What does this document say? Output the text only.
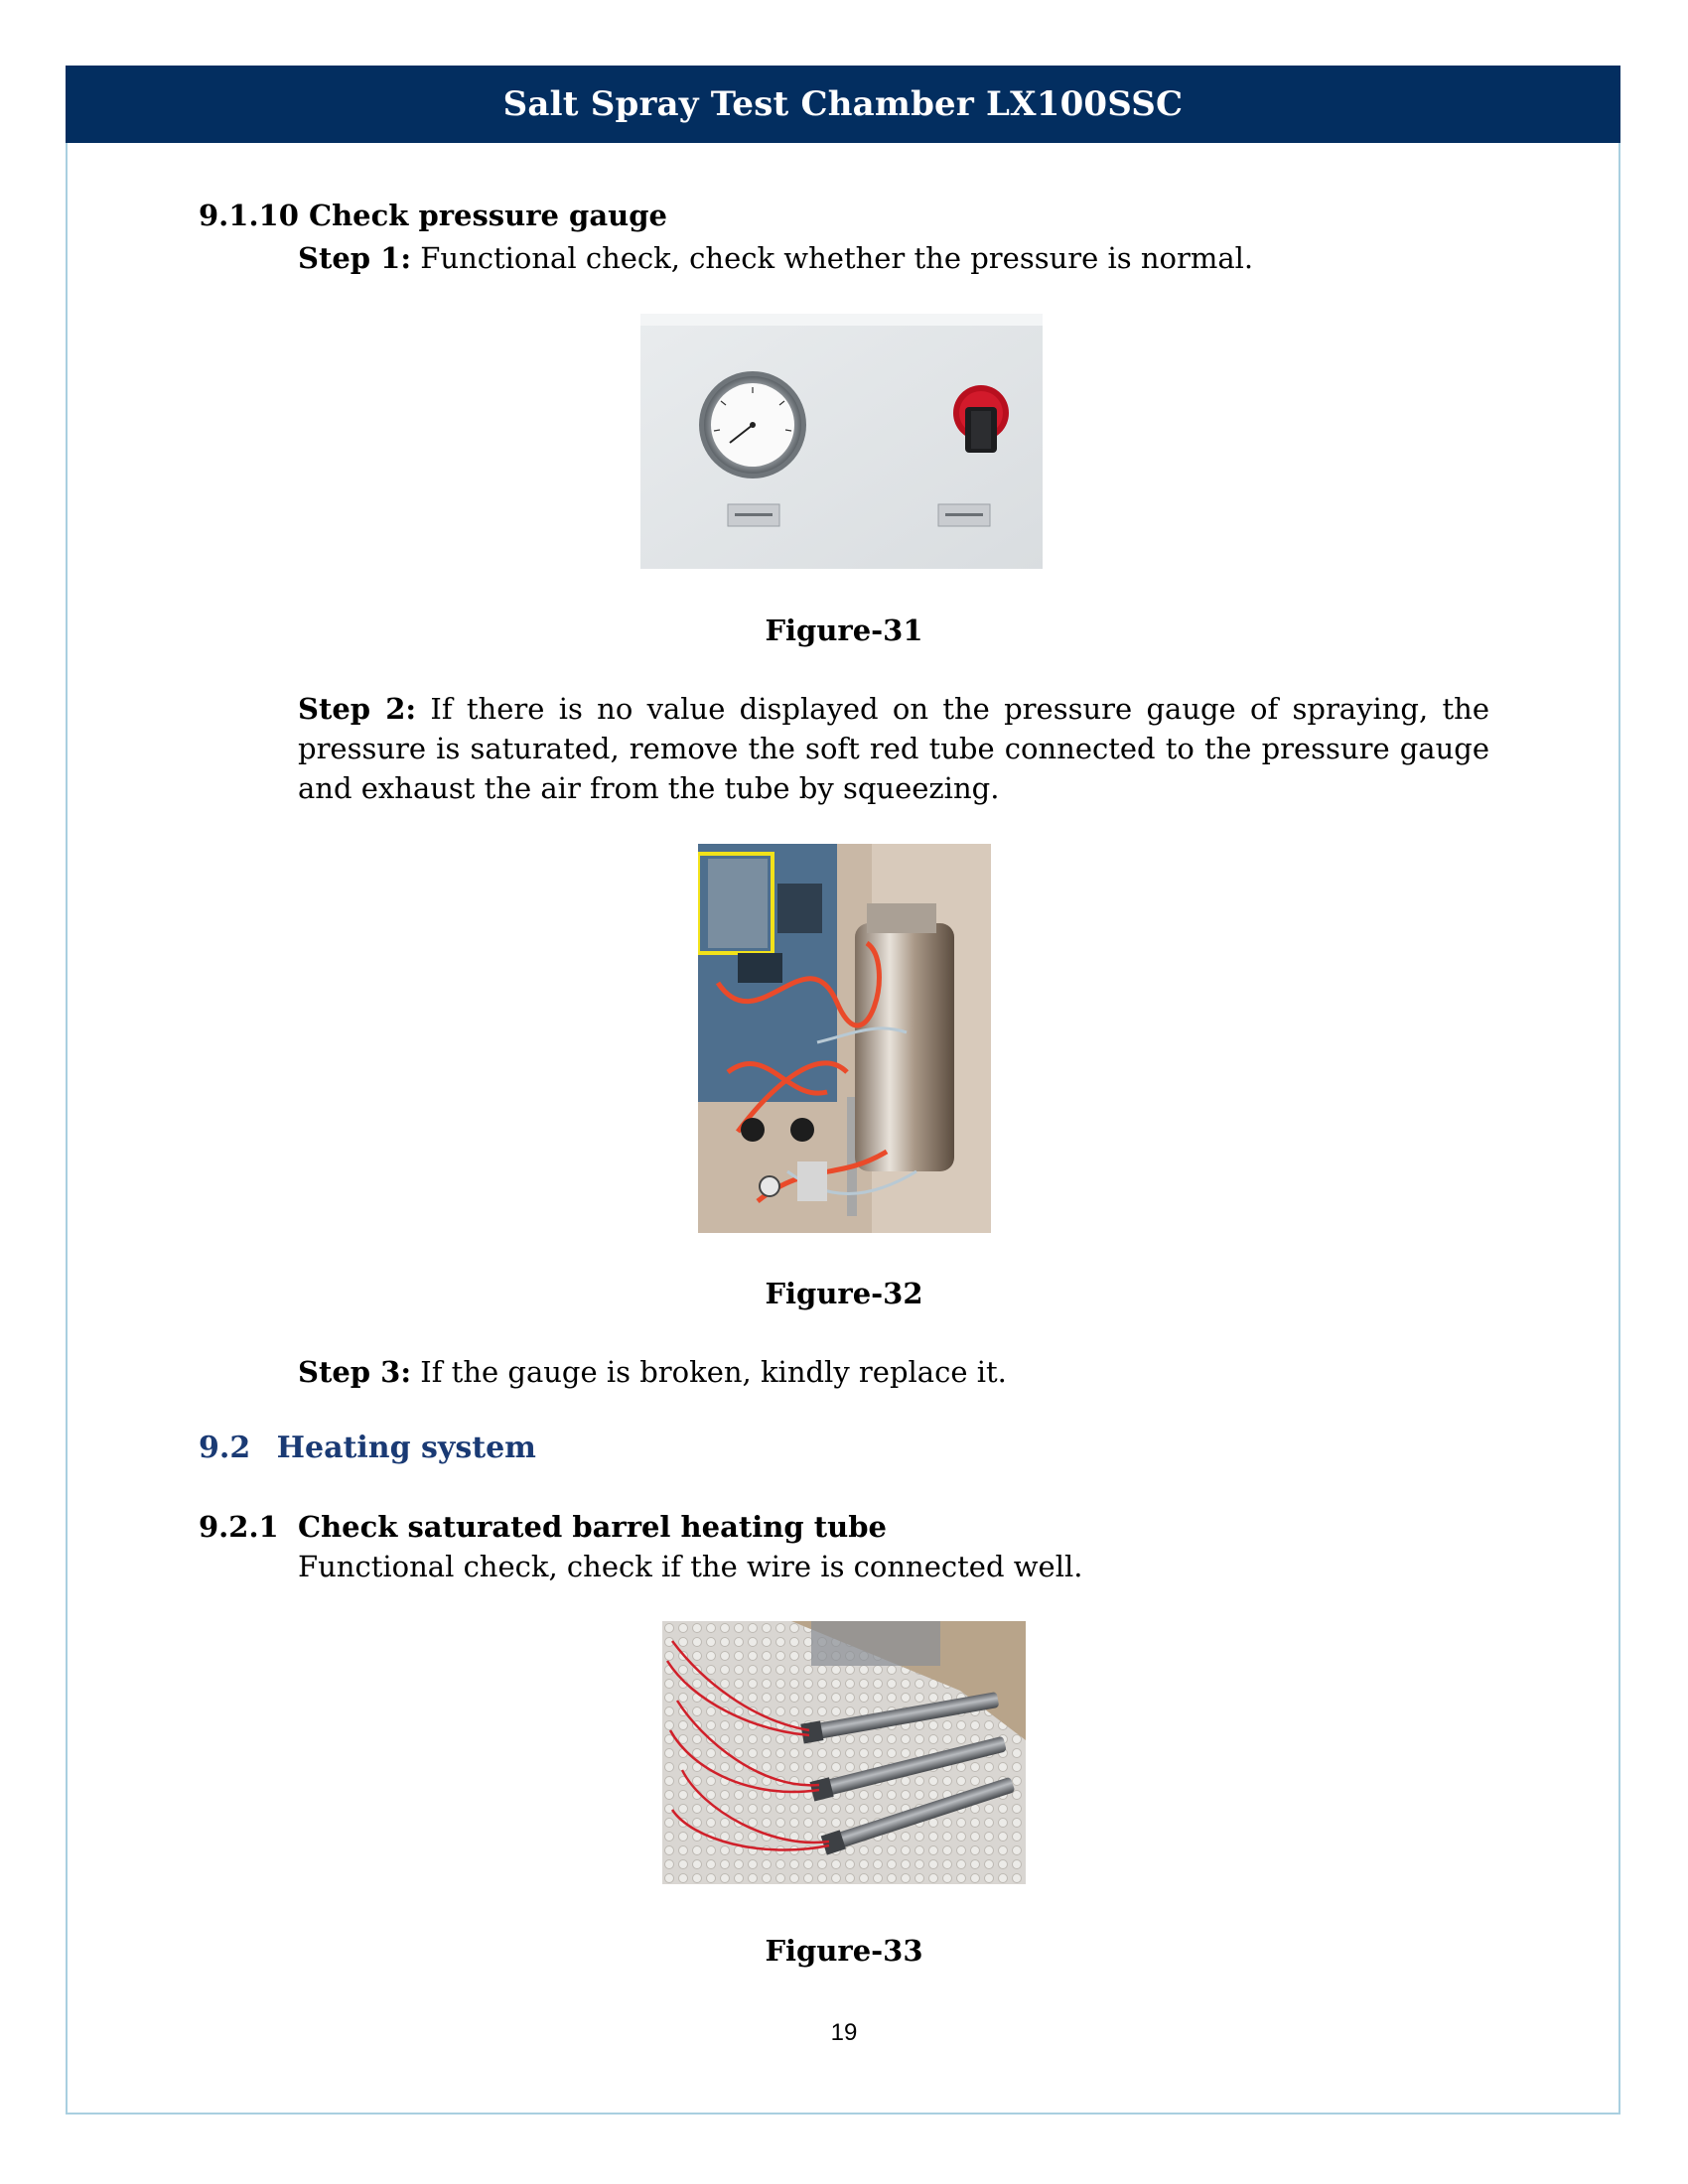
Salt Spray Test Chamber LX100SSC
9.1.10 Check pressure gauge
Step 1: Functional check, check whether the pressure is normal.
Figure-31
Step 2: If there is no value displayed on the pressure gauge of spraying, the pressure is saturated, remove the soft red tube connected to the pressure gauge and exhaust the air from the tube by squeezing.
Figure-32
Step 3: If the gauge is broken, kindly replace it.
9.2 Heating system
9.2.1 Check saturated barrel heating tube
Functional check, check if the wire is connected well.
Figure-33
19
